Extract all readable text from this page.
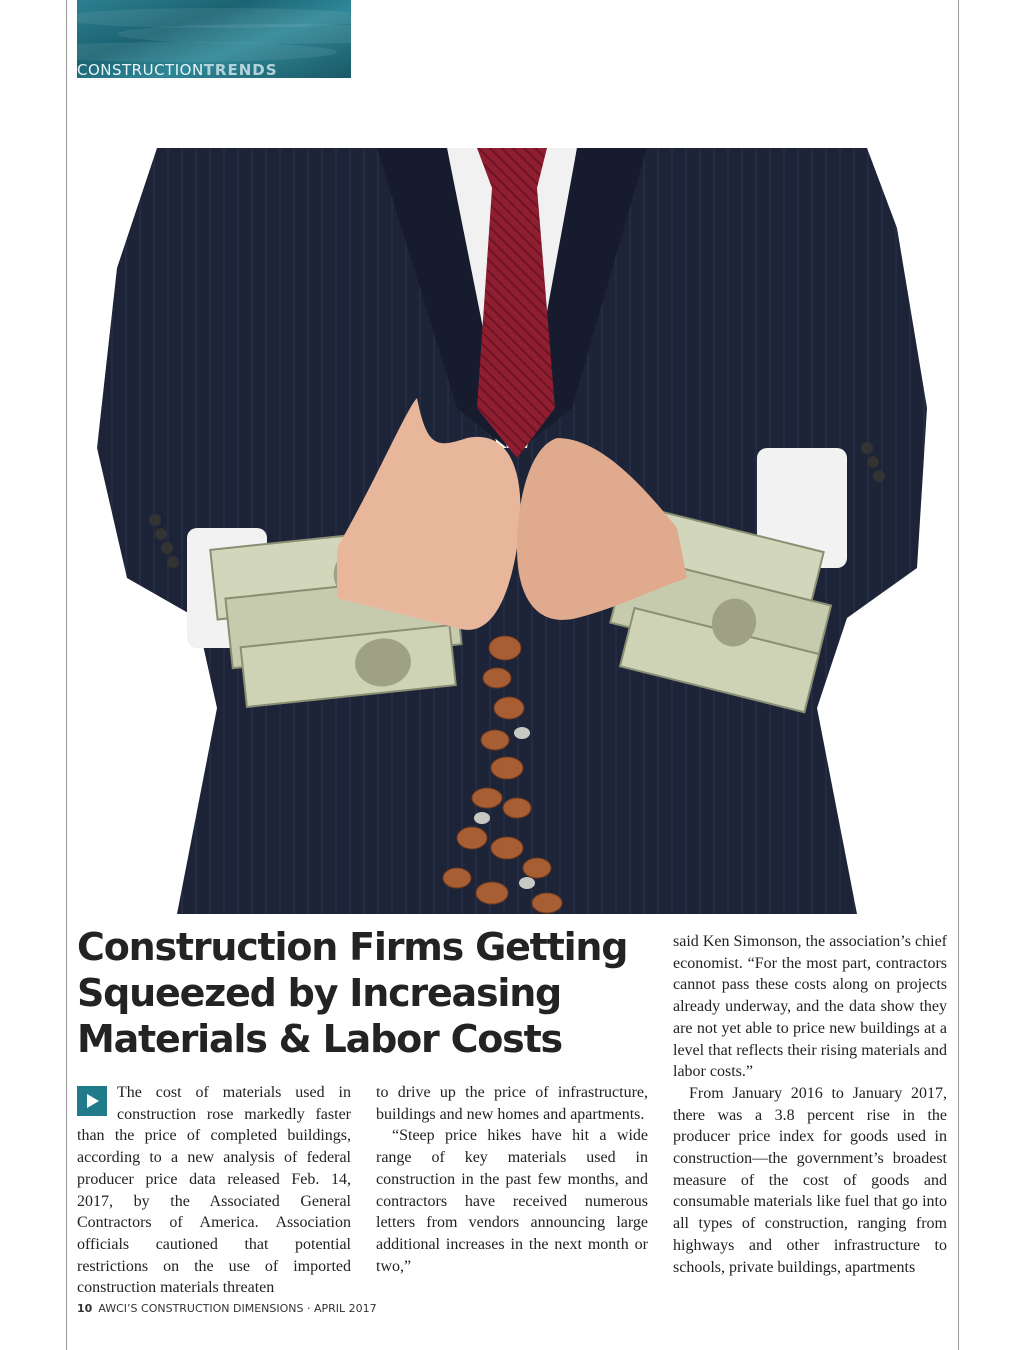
CONSTRUCTIONTRENDS
Construction Firms Getting Squeezed by Increasing Materials & Labor Costs

The cost of materials used in construction rose markedly faster than the price of completed buildings, according to a new analysis of federal producer price data released Feb. 14, 2017, by the Associated General Contractors of America. Association officials cautioned that potential restrictions on the use of imported construction materials threaten

to drive up the price of infrastructure, buildings and new homes and apartments.

“Steep price hikes have hit a wide range of key materials used in construction in the past few months, and contractors have received numerous letters from vendors announcing large additional increases in the next month or two,”

said Ken Simonson, the association’s chief economist. “For the most part, contractors cannot pass these costs along on projects already underway, and the data show they are not yet able to price new buildings at a level that reflects their rising materials and labor costs.”

From January 2016 to January 2017, there was a 3.8 percent rise in the producer price index for goods used in construction—the government’s broadest measure of the cost of goods and consumable materials like fuel that go into all types of construction, ranging from highways and other infrastructure to schools, private buildings, apartments

10 AWCI’S CONSTRUCTION DIMENSIONS · APRIL 2017
